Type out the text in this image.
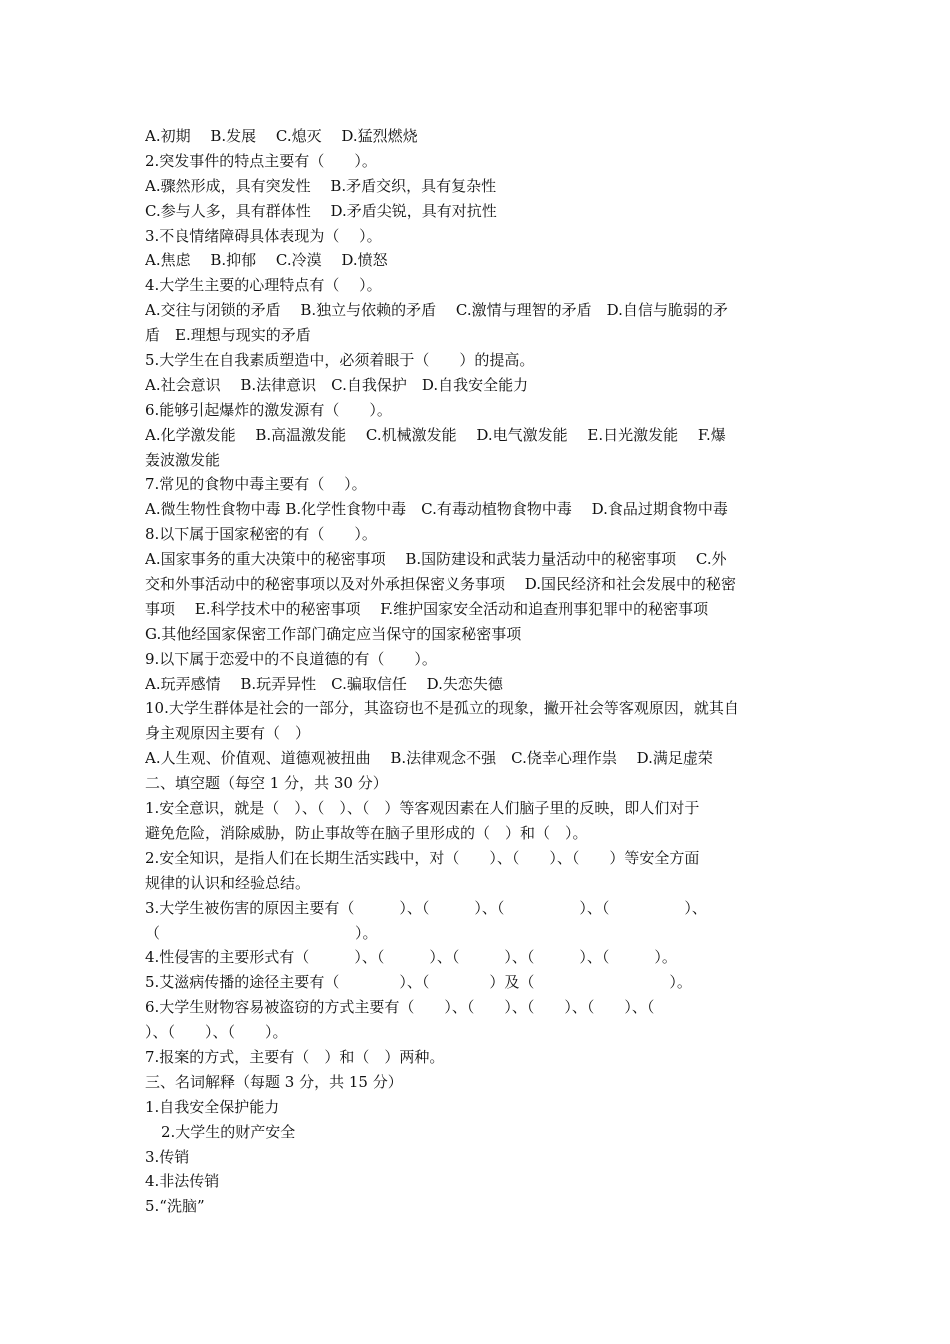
A.初期　 B.发展　 C.熄灭　 D.猛烈燃烧
2.突发事件的特点主要有（　　）。
A.骤然形成，具有突发性　 B.矛盾交织，具有复杂性
C.参与人多，具有群体性　 D.矛盾尖锐，具有对抗性
3.不良情绪障碍具体表现为（　 ）。
A.焦虑　 B.抑郁　 C.冷漠　 D.愤怒
4.大学生主要的心理特点有（　 ）。
A.交往与闭锁的矛盾　 B.独立与依赖的矛盾　 C.激情与理智的矛盾　D.自信与脆弱的矛
盾　E.理想与现实的矛盾
5.大学生在自我素质塑造中，必须着眼于（　　）的提高。
A.社会意识　 B.法律意识　C.自我保护　D.自我安全能力
6.能够引起爆炸的激发源有（　　）。
A.化学激发能　 B.高温激发能　 C.机械激发能　 D.电气激发能　 E.日光激发能　 F.爆
轰波激发能
7.常见的食物中毒主要有（　 ）。
A.微生物性食物中毒 B.化学性食物中毒　C.有毒动植物食物中毒　 D.食品过期食物中毒
8.以下属于国家秘密的有（　　）。
A.国家事务的重大决策中的秘密事项　 B.国防建设和武装力量活动中的秘密事项　 C.外
交和外事活动中的秘密事项以及对外承担保密义务事项　 D.国民经济和社会发展中的秘密
事项　 E.科学技术中的秘密事项　 F.维护国家安全活动和追查刑事犯罪中的秘密事项
G.其他经国家保密工作部门确定应当保守的国家秘密事项
9.以下属于恋爱中的不良道德的有（　　）。
A.玩弄感情　 B.玩弄异性　C.骗取信任　 D.失恋失德
10.大学生群体是社会的一部分，其盗窃也不是孤立的现象，撇开社会等客观原因，就其自
身主观原因主要有（　）
A.人生观、价值观、道德观被扭曲　 B.法律观念不强　C.侥幸心理作祟　 D.满足虚荣
二、填空题（每空 1 分，共 30 分）
1.安全意识，就是（　）、（　）、（　）等客观因素在人们脑子里的反映，即人们对于
避免危险，消除威胁，防止事故等在脑子里形成的（　）和（　）。
2.安全知识，是指人们在长期生活实践中，对（　　）、（　　）、（　　）等安全方面
规律的认识和经验总结。
3.大学生被伤害的原因主要有（　　　）、（　　　）、（　　　　　）、（　　　　　）、
（　　　　　　　　　　　　　）。
4.性侵害的主要形式有（　　　）、（　　　）、（　　　）、（　　　）、（　　　）。
5.艾滋病传播的途径主要有（　　　　）、（　　　　）及（　　　　　　　　　）。
6.大学生财物容易被盗窃的方式主要有（　　）、（　　）、（　　）、（　　）、（
）、（　　）、（　　）。
7.报案的方式，主要有（　）和（　）两种。
三、名词解释（每题 3 分，共 15 分）
1.自我安全保护能力
2.大学生的财产安全
3.传销
4.非法传销
5.“洗脑”
